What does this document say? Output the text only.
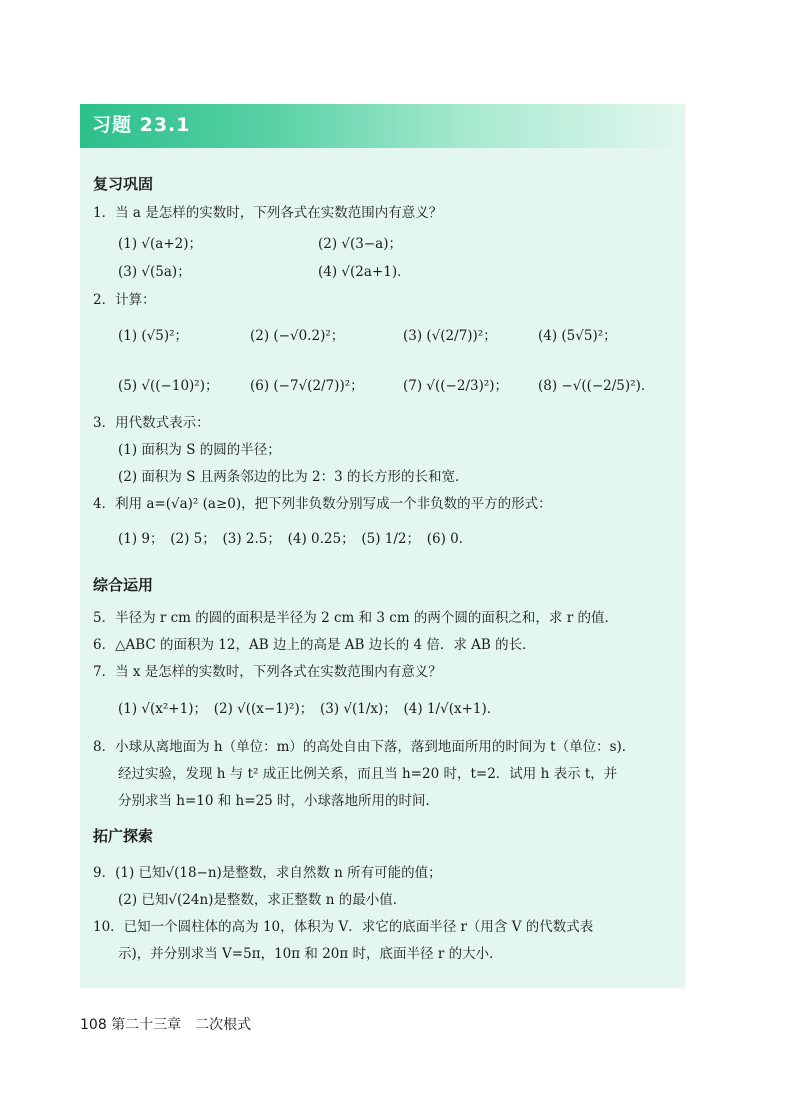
习题 23.1
复习巩固
1．当 a 是怎样的实数时，下列各式在实数范围内有意义？
(1) √(a+2)；	(2) √(3−a)；
(3) √(5a)；	(4) √(2a+1)．
2．计算：
(1) (√5)²；	(2) (−√0.2)²；	(3) (√(2/7))²；	(4) (5√5)²；
(5) √((−10)²)； (6) (−7√(2/7))²；	(7) √((−2/3)²)； (8) −√((−2/5)²)．
3．用代数式表示：
(1) 面积为 S 的圆的半径；
(2) 面积为 S 且两条邻边的比为 2：3 的长方形的长和宽．
4．利用 a=(√a)² (a≥0)，把下列非负数分别写成一个非负数的平方的形式：
(1) 9；　(2) 5；　(3) 2.5；　(4) 0.25；　(5) 1/2；　(6) 0．
综合运用
5．半径为 r cm 的圆的面积是半径为 2 cm 和 3 cm 的两个圆的面积之和，求 r 的值．
6．△ABC 的面积为 12，AB 边上的高是 AB 边长的 4 倍．求 AB 的长．
7．当 x 是怎样的实数时，下列各式在实数范围内有意义？
(1) √(x²+1)；　(2) √((x−1)²)；　(3) √(1/x)；　(4) 1/√(x+1)．
8．小球从离地面为 h（单位：m）的高处自由下落，落到地面所用的时间为 t（单位：s)．
经过实验，发现 h 与 t² 成正比例关系，而且当 h=20 时，t=2．试用 h 表示 t，并
分别求当 h=10 和 h=25 时，小球落地所用的时间．
拓广探索
9．(1) 已知√(18−n)是整数，求自然数 n 所有可能的值；
(2) 已知√(24n)是整数，求正整数 n 的最小值．
10．已知一个圆柱体的高为 10，体积为 V．求它的底面半径 r（用含 V 的代数式表
示)，并分别求当 V=5π，10π 和 20π 时，底面半径 r 的大小．
108 第二十三章　二次根式
